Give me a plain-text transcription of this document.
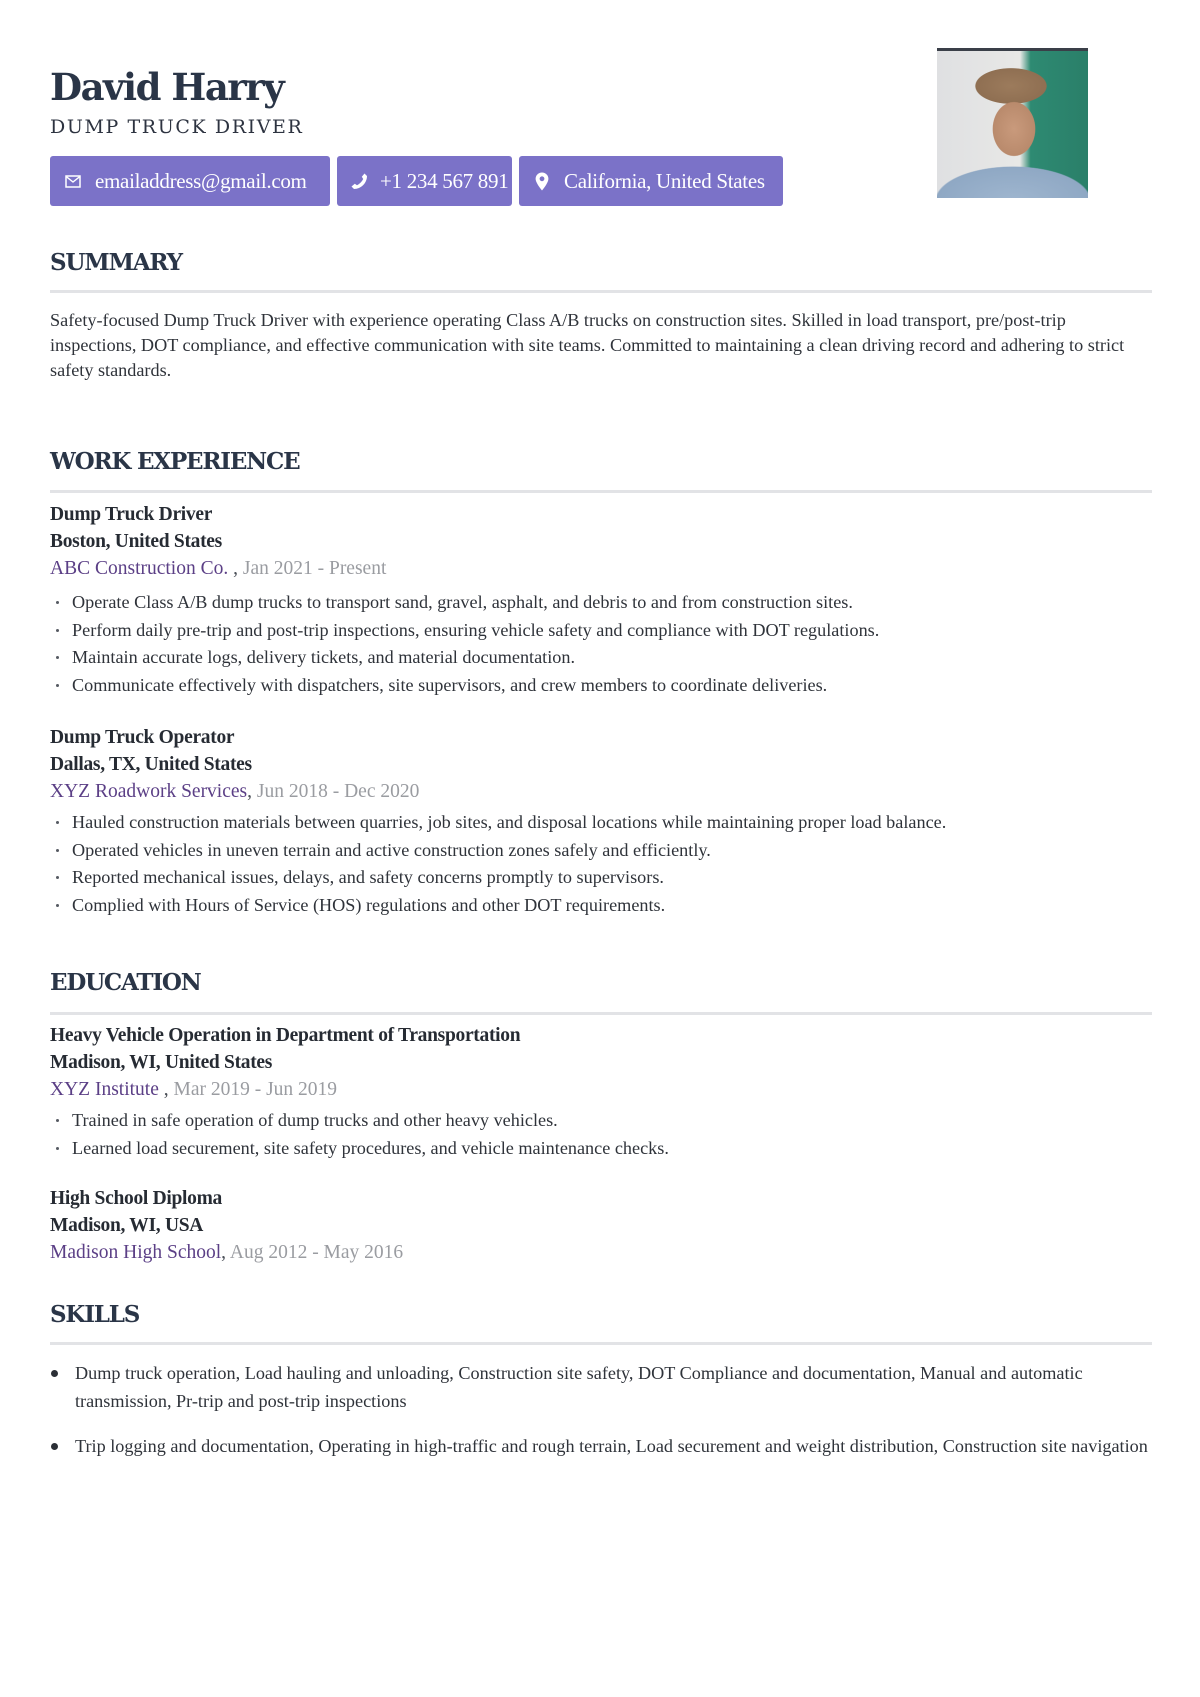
David Harry
DUMP TRUCK DRIVER
emailaddress@gmail.com	+1 234 567 891	California, United States
SUMMARY

Safety-focused Dump Truck Driver with experience operating Class A/B trucks on construction sites. Skilled in load transport, pre/post-trip inspections, DOT compliance, and effective communication with site teams. Committed to maintaining a clean driving record and adhering to strict safety standards.

WORK EXPERIENCE
Dump Truck Driver
Boston, United States
ABC Construction Co. , Jan 2021 - Present
Operate Class A/B dump trucks to transport sand, gravel, asphalt, and debris to and from construction sites.
Perform daily pre-trip and post-trip inspections, ensuring vehicle safety and compliance with DOT regulations.
Maintain accurate logs, delivery tickets, and material documentation.
Communicate effectively with dispatchers, site supervisors, and crew members to coordinate deliveries.
Dump Truck Operator
Dallas, TX, United States
XYZ Roadwork Services, Jun 2018 - Dec 2020
Hauled construction materials between quarries, job sites, and disposal locations while maintaining proper load balance.
Operated vehicles in uneven terrain and active construction zones safely and efficiently.
Reported mechanical issues, delays, and safety concerns promptly to supervisors.
Complied with Hours of Service (HOS) regulations and other DOT requirements.
EDUCATION
Heavy Vehicle Operation in Department of Transportation
Madison, WI, United States
XYZ Institute , Mar 2019 - Jun 2019
Trained in safe operation of dump trucks and other heavy vehicles.
Learned load securement, site safety procedures, and vehicle maintenance checks.
High School Diploma
Madison, WI, USA
Madison High School, Aug 2012 - May 2016
SKILLS
Dump truck operation, Load hauling and unloading, Construction site safety, DOT Compliance and documentation, Manual and automatic transmission, Pr-trip and post-trip inspections
Trip logging and documentation, Operating in high-traffic and rough terrain, Load securement and weight distribution, Construction site navigation
